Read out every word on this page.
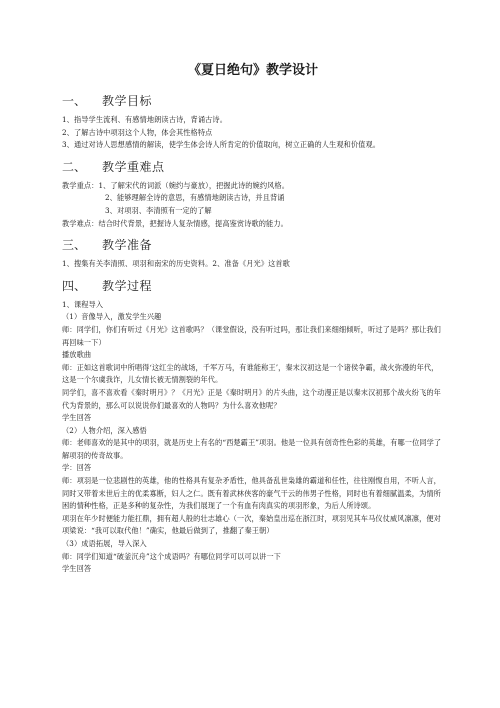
《夏日绝句》教学设计
一、	教学目标

1、指导学生流利、有感情地朗读古诗，背诵古诗。

2、了解古诗中项羽这个人物，体会其性格特点

3、通过对诗人思想感情的解读，使学生体会诗人所肯定的价值取向，树立正确的人生观和价值观。

二、	教学重难点

教学重点：1、了解宋代的词派（婉约与豪放），把握此诗的婉约风格。

2、能够理解全诗的意思，有感情地朗读古诗，并且背诵

3、对项羽、李清照有一定的了解

教学难点：结合时代背景，把握诗人复杂情感，提高鉴赏诗歌的能力。

三、	教学准备

1、搜集有关李清照、项羽和南宋的历史资料。2、准备《月光》这首歌

四、	教学过程

1、课程导入

（1）音像导入，激发学生兴趣

师：同学们，你们有听过《月光》这首歌吗？（课堂假设，没有听过吗，那让我们来细细倾听，听过了是吗？那让我们再回味一下）

播放歌曲

师：正如这首歌词中所唱得‘这红尘的战场，千军万马，有谁能称王’，秦末汉初这是一个诸侯争霸，战火弥漫的年代，这是一个尔虞我诈，儿女情长被无情割裂的年代。

同学们，喜不喜欢看《秦时明月》？《月光》正是《秦时明月》的片头曲，这个动漫正是以秦末汉初那个战火纷飞的年代为背景的，那么可以说说你们最喜欢的人物吗？为什么喜欢他呢？

学生回答

（2）人物介绍，深入感悟

师：老师喜欢的是其中的项羽，就是历史上有名的“西楚霸王”项羽。他是一位具有创奇性色彩的英雄，有哪一位同学了解项羽的传奇故事。

学：回答

师：项羽是一位悲剧性的英雄，他的性格具有复杂矛盾性，他具备乱世枭雄的霸道和任性，往往刚愎自用，不听人言，同时又带着末世后主的优柔寡断，妇人之仁。既有着武林侠客的豪气干云的伟男子性格，同时也有着细腻温柔，为情所困的情种性格，正是多种的复杂性，为我们展现了一个有血有肉真实的项羽形象，为后人所诗颂。

项羽在年少时便能力能扛鼎，拥有超人般的壮志雄心（一次，秦始皇出巡在浙江时，项羽见其车马仪仗威风凛凛，便对项梁说：“我可以取代他！”确实，他最后做到了，推翻了秦王朝）

（3）成语拓展，导入深入

师：同学们知道“破釜沉舟”这个成语吗？有哪位同学可以可以讲一下

学生回答
